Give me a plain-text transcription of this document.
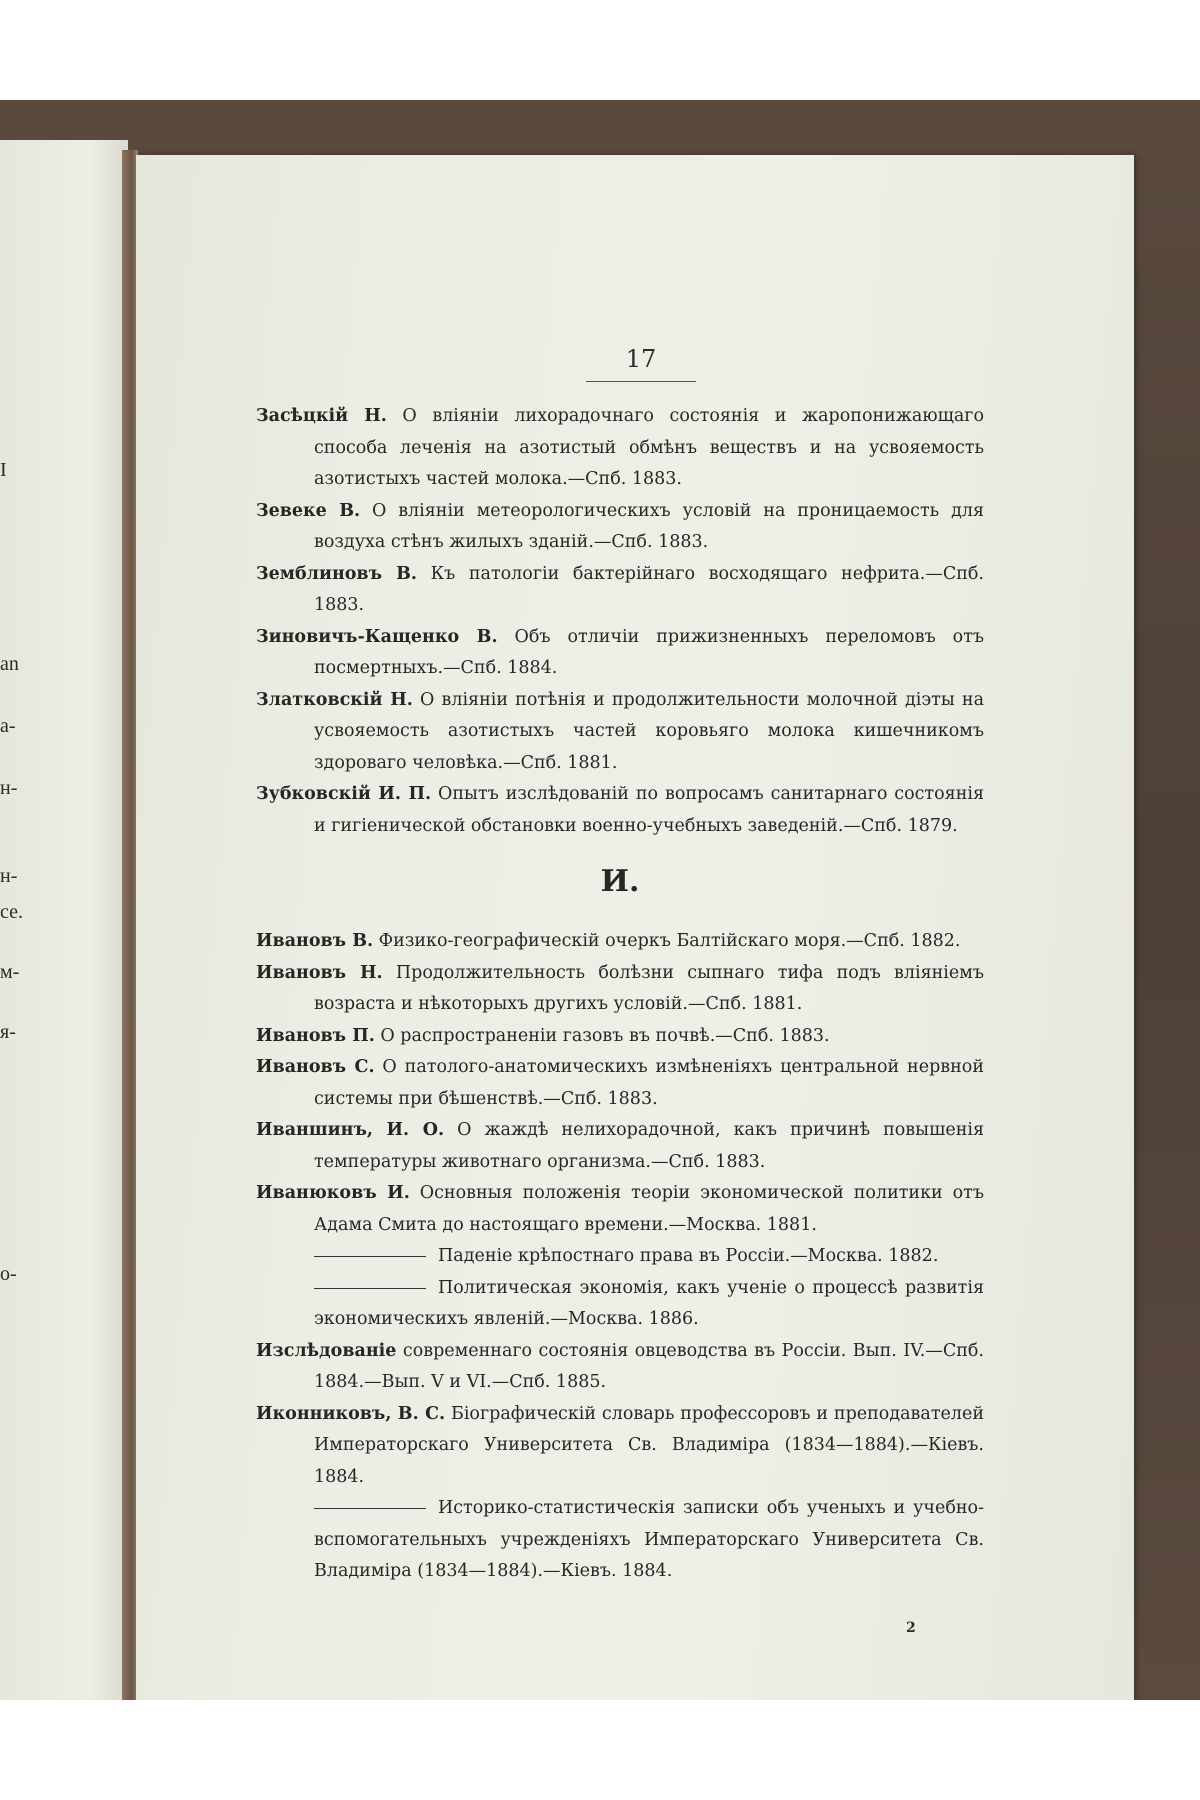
I
an
а-
н-
н-
се.
м-
я-
о-
17
Засѣцкій Н. О вліяніи лихорадочнаго состоянія и жаропонижающаго способа леченія на азотистый обмѣнъ веществъ и на усвояемость азотистыхъ частей молока.—Спб. 1883.
Зевеке В. О вліяніи метеорологическихъ условій на проницаемость для воздуха стѣнъ жилыхъ зданій.—Спб. 1883.
Земблиновъ В. Къ патологіи бактерійнаго восходящаго нефрита.—Спб. 1883.
Зиновичъ-Кащенко В. Объ отличіи прижизненныхъ переломовъ отъ посмертныхъ.—Спб. 1884.
Златковскій Н. О вліяніи потѣнія и продолжительности молочной діэты на усвояемость азотистыхъ частей коровьяго молока кишечникомъ здороваго человѣка.—Спб. 1881.
Зубковскій И. П. Опытъ изслѣдованій по вопросамъ санитарнаго состоянія и гигіенической обстановки военно-учебныхъ заведеній.—Спб. 1879.
И.
Ивановъ В. Физико-географическій очеркъ Балтійскаго моря.—Спб. 1882.
Ивановъ Н. Продолжительность болѣзни сыпнаго тифа подъ вліяніемъ возраста и нѣкоторыхъ другихъ условій.—Спб. 1881.
Ивановъ П. О распространеніи газовъ въ почвѣ.—Спб. 1883.
Ивановъ С. О патолого-анатомическихъ измѣненіяхъ центральной нервной системы при бѣшенствѣ.—Спб. 1883.
Иваншинъ, И. О. О жаждѣ нелихорадочной, какъ причинѣ повышенія температуры животнаго организма.—Спб. 1883.
Иванюковъ И. Основныя положенія теоріи экономической политики отъ Адама Смита до настоящаго времени.—Москва. 1881.
Паденіе крѣпостнаго права въ Россіи.—Москва. 1882.
Политическая экономія, какъ ученіе о процессѣ развитія экономическихъ явленій.—Москва. 1886.
Изслѣдованіе современнаго состоянія овцеводства въ Россіи. Вып. IV.—Спб. 1884.—Вып. V и VI.—Спб. 1885.
Иконниковъ, В. С. Біографическій словарь профессоровъ и преподавателей Императорскаго Университета Св. Владиміра (1834—1884).—Кіевъ. 1884.
Историко-статистическія записки объ ученыхъ и учебно-вспомогательныхъ учрежденіяхъ Императорскаго Университета Св. Владиміра (1834—1884).—Кіевъ. 1884.
2
